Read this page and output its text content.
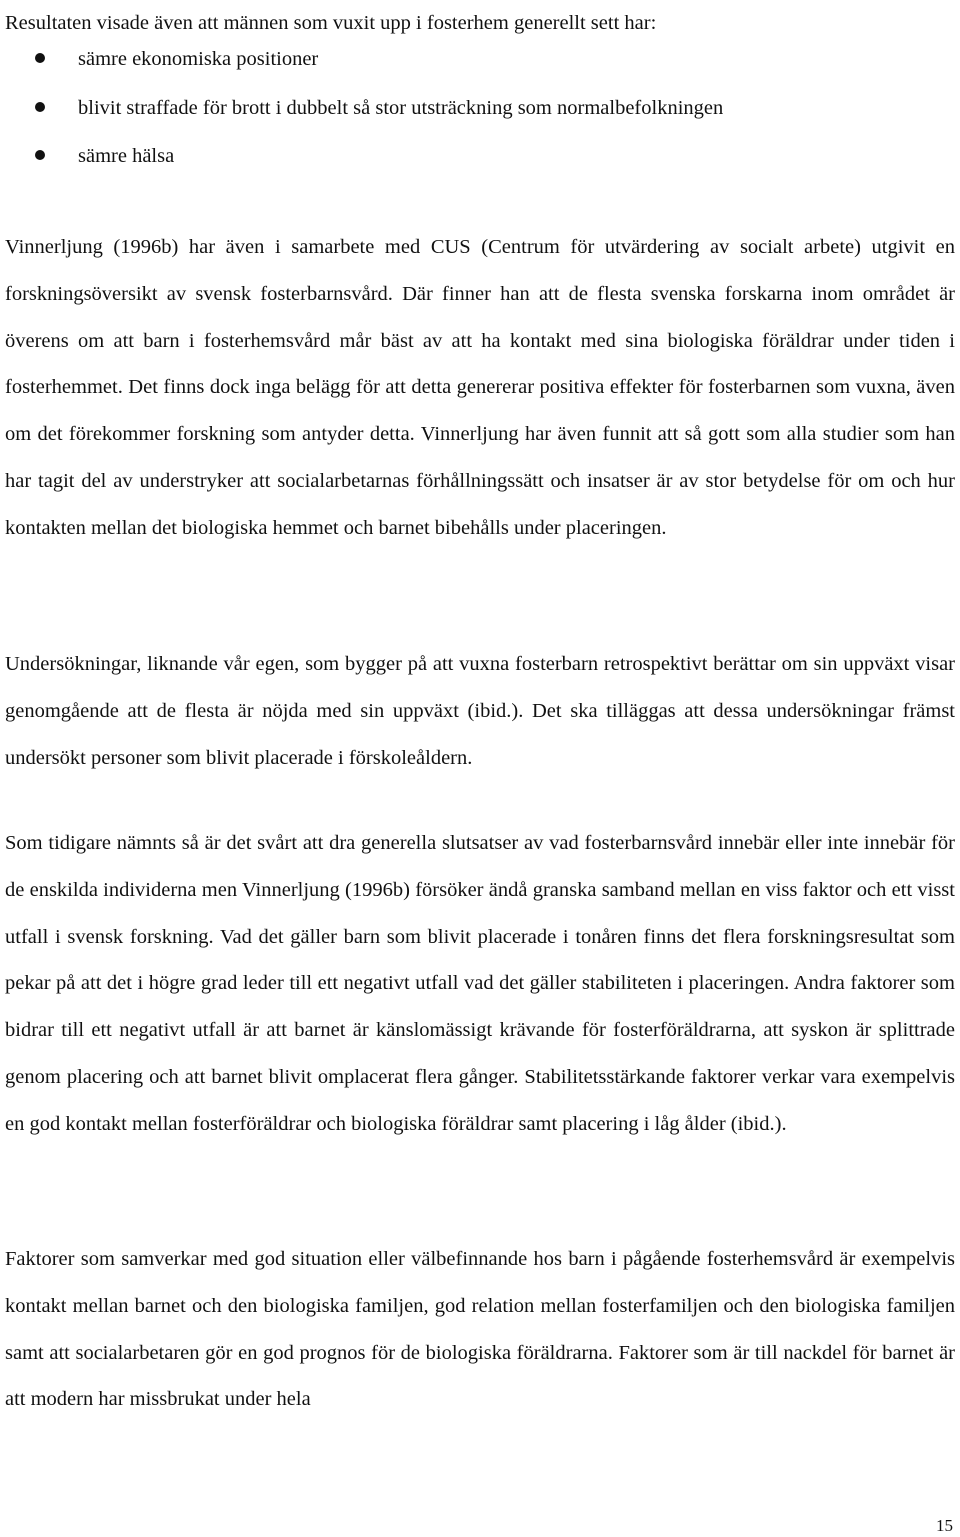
Resultaten visade även att männen som vuxit upp i fosterhem generellt sett har:

sämre ekonomiska positioner
blivit straffade för brott i dubbelt så stor utsträckning som normalbefolkningen
sämre hälsa

Vinnerljung (1996b) har även i samarbete med CUS (Centrum för utvärdering av socialt arbete) utgivit en forskningsöversikt av svensk fosterbarnsvård. Där finner han att de flesta svenska forskarna inom området är överens om att barn i fosterhemsvård mår bäst av att ha kontakt med sina biologiska föräldrar under tiden i fosterhemmet. Det finns dock inga belägg för att detta genererar positiva effekter för fosterbarnen som vuxna, även om det förekommer forskning som antyder detta. Vinnerljung har även funnit att så gott som alla studier som han har tagit del av understryker att socialarbetarnas förhållningssätt och insatser är av stor betydelse för om och hur kontakten mellan det biologiska hemmet och barnet bibehålls under placeringen.

Undersökningar, liknande vår egen, som bygger på att vuxna fosterbarn retrospektivt berättar om sin uppväxt visar genomgående att de flesta är nöjda med sin uppväxt (ibid.). Det ska tilläggas att dessa undersökningar främst undersökt personer som blivit placerade i förskoleåldern.

Som tidigare nämnts så är det svårt att dra generella slutsatser av vad fosterbarnsvård innebär eller inte innebär för de enskilda individerna men Vinnerljung (1996b) försöker ändå granska samband mellan en viss faktor och ett visst utfall i svensk forskning. Vad det gäller barn som blivit placerade i tonåren finns det flera forskningsresultat som pekar på att det i högre grad leder till ett negativt utfall vad det gäller stabiliteten i placeringen. Andra faktorer som bidrar till ett negativt utfall är att barnet är känslomässigt krävande för fosterföräldrarna, att syskon är splittrade genom placering och att barnet blivit omplacerat flera gånger. Stabilitetsstärkande faktorer verkar vara exempelvis en god kontakt mellan fosterföräldrar och biologiska föräldrar samt placering i låg ålder (ibid.).

Faktorer som samverkar med god situation eller välbefinnande hos barn i pågående fosterhemsvård är exempelvis kontakt mellan barnet och den biologiska familjen, god relation mellan fosterfamiljen och den biologiska familjen samt att socialarbetaren gör en god prognos för de biologiska föräldrarna. Faktorer som är till nackdel för barnet är att modern har missbrukat under hela

15
